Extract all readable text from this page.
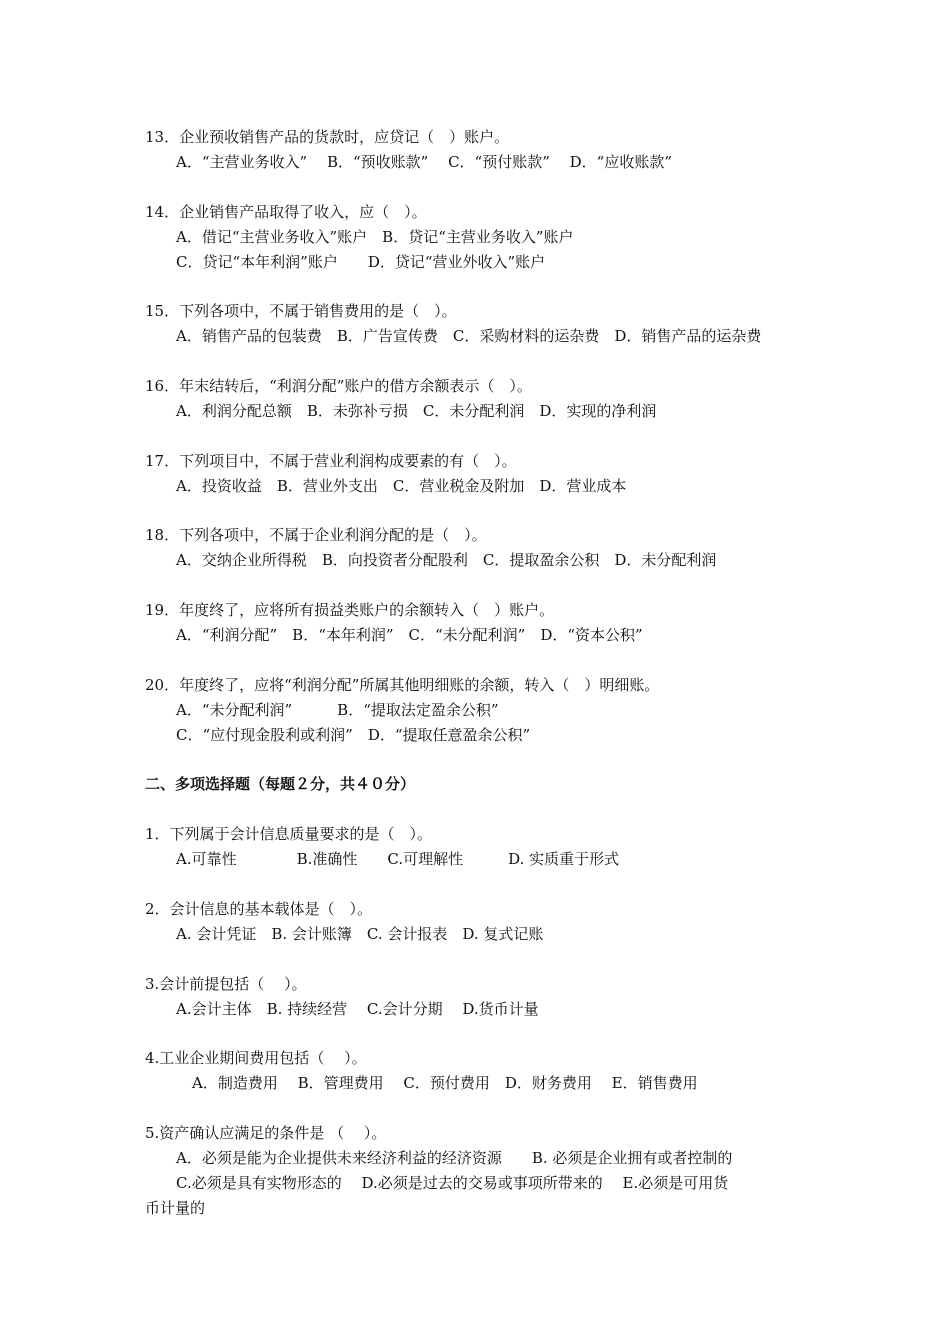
13．企业预收销售产品的货款时，应贷记（　）账户。
A．“主营业务收入”　 B．“预收账款”　 C．“预付账款”　 D．“应收账款”
14．企业销售产品取得了收入，应（　）。
A．借记“主营业务收入”账户　B．贷记“主营业务收入”账户
C．贷记“本年利润”账户　　D．贷记“营业外收入”账户
15．下列各项中，不属于销售费用的是（　）。
A．销售产品的包装费　B．广告宣传费　C．采购材料的运杂费　D．销售产品的运杂费
16．年末结转后，“利润分配”账户的借方余额表示（　）。
A．利润分配总额　B．未弥补亏损　C．未分配利润　D．实现的净利润
17．下列项目中，不属于营业利润构成要素的有（　）。
A．投资收益　B．营业外支出　C．营业税金及附加　D．营业成本
18．下列各项中，不属于企业利润分配的是（　）。
A．交纳企业所得税　B．向投资者分配股利　C．提取盈余公积　D．未分配利润
19．年度终了，应将所有损益类账户的余额转入（　）账户。
A．“利润分配”　B．“本年利润”　C．“未分配利润”　D．“资本公积”
20．年度终了，应将“利润分配”所属其他明细账的余额，转入（　）明细账。
A．“未分配利润”　　　B．“提取法定盈余公积”
C．“应付现金股利或利润”　D．“提取任意盈余公积”
二、多项选择题（每题２分，共４０分）
1．下列属于会计信息质量要求的是（　）。
A.可靠性　　　　B.准确性　　C.可理解性　　　D. 实质重于形式
2．会计信息的基本载体是（　）。
A. 会计凭证　B. 会计账簿　C. 会计报表　D. 复式记账
3.会计前提包括（　 ）。
A.会计主体　B. 持续经营　 C.会计分期　 D.货币计量
4.工业企业期间费用包括（　 ）。
A．制造费用　 B．管理费用　 C．预付费用　D．财务费用　 E．销售费用
5.资产确认应满足的条件是 （　 ）。
A．必须是能为企业提供未来经济利益的经济资源　　B. 必须是企业拥有或者控制的
C.必须是具有实物形态的　 D.必须是过去的交易或事项所带来的　 E.必须是可用货
币计量的
